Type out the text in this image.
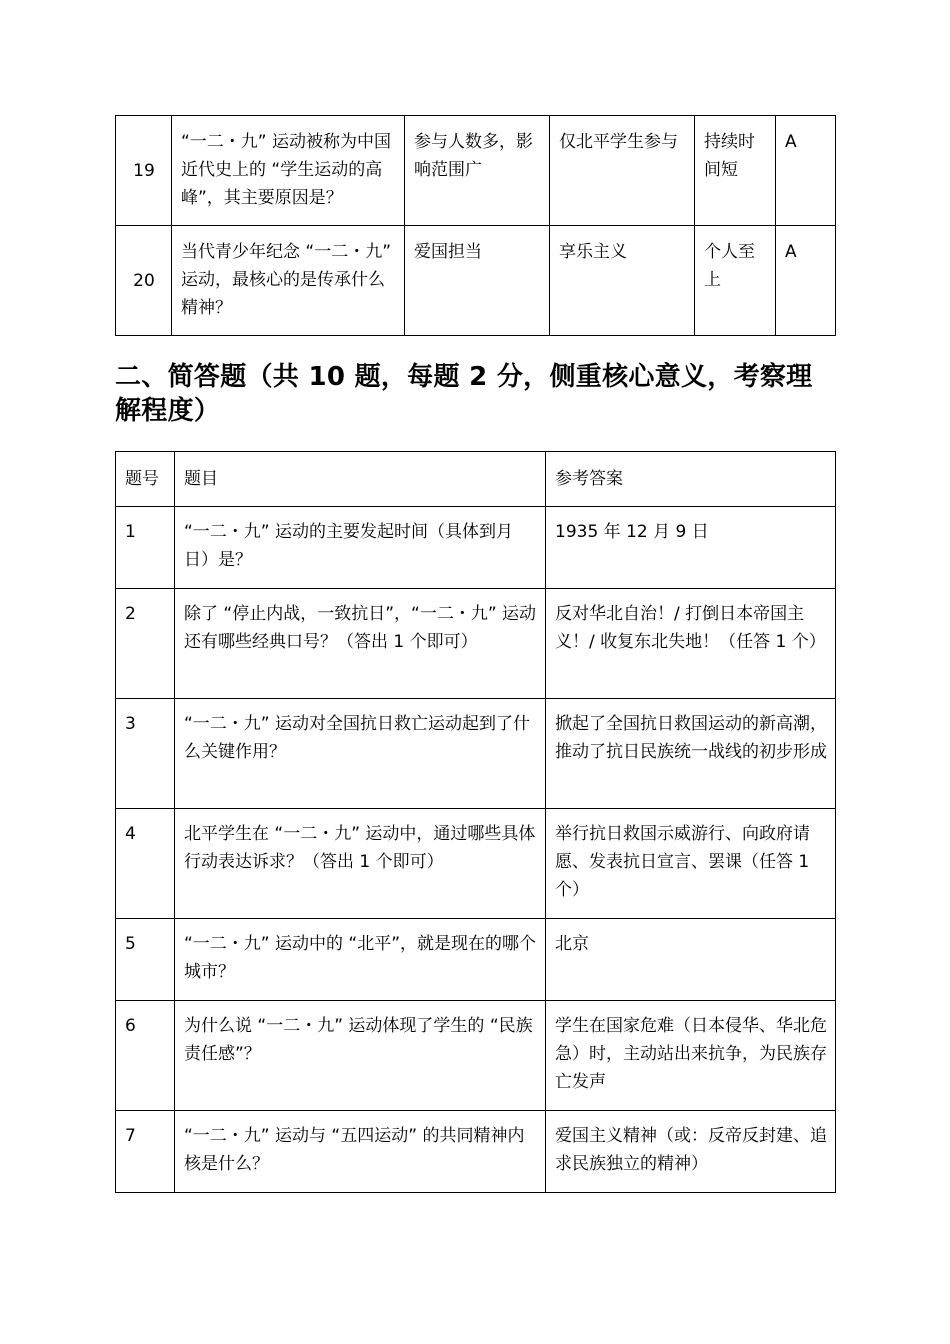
19	“一二・九” 运动被称为中国近代史上的 “学生运动的高峰”，其主要原因是？	参与人数多，影响范围广	仅北平学生参与	持续时间短	A
20	当代青少年纪念 “一二・九” 运动，最核心的是传承什么精神？	爱国担当	享乐主义	个人至上	A
二、简答题（共 10 题，每题 2 分，侧重核心意义，考察理解程度）
题号	题目	参考答案
1	“一二・九” 运动的主要发起时间（具体到月日）是？	1935 年 12 月 9 日
2	除了 “停止内战，一致抗日”，“一二・九” 运动还有哪些经典口号？（答出 1 个即可）	反对华北自治！/ 打倒日本帝国主义！/ 收复东北失地！（任答 1 个）
3	“一二・九” 运动对全国抗日救亡运动起到了什么关键作用？	掀起了全国抗日救国运动的新高潮，推动了抗日民族统一战线的初步形成
4	北平学生在 “一二・九” 运动中，通过哪些具体行动表达诉求？（答出 1 个即可）	举行抗日救国示威游行、向政府请愿、发表抗日宣言、罢课（任答 1 个）
5	“一二・九” 运动中的 “北平”，就是现在的哪个城市？	北京
6	为什么说 “一二・九” 运动体现了学生的 “民族责任感”？	学生在国家危难（日本侵华、华北危急）时，主动站出来抗争，为民族存亡发声
7	“一二・九” 运动与 “五四运动” 的共同精神内核是什么？	爱国主义精神（或：反帝反封建、追求民族独立的精神）
